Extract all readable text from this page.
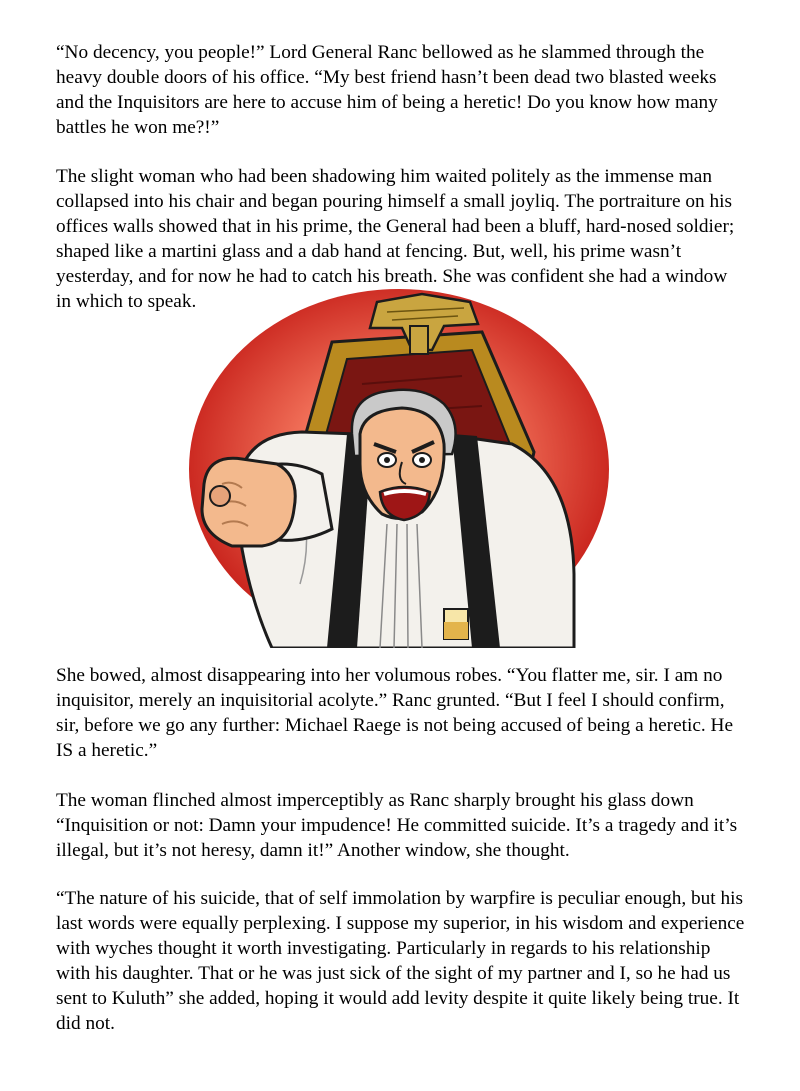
“No decency, you people!” Lord General Ranc bellowed as he slammed through the
heavy double doors of his office. “My best friend hasn’t been dead two blasted weeks
and the Inquisitors are here to accuse him of being a heretic! Do you know how many
battles he won me?!”

The slight woman who had been shadowing him waited politely as the immense man
collapsed into his chair and began pouring himself a small joyliq. The portraiture on his
offices walls showed that in his prime, the General had been a bluff, hard-nosed soldier;
shaped like a martini glass and a dab hand at fencing. But, well, his prime wasn’t
yesterday, and for now he had to catch his breath. She was confident she had a window
in which to speak.

She bowed, almost disappearing into her volumous robes. “You flatter me, sir. I am no
inquisitor, merely an inquisitorial acolyte.” Ranc grunted. “But I feel I should confirm,
sir, before we go any further: Michael Raege is not being accused of being a heretic. He
IS a heretic.”

The woman flinched almost imperceptibly as Ranc sharply brought his glass down
“Inquisition or not: Damn your impudence! He committed suicide. It’s a tragedy and it’s
illegal, but it’s not heresy, damn it!” Another window, she thought.

“The nature of his suicide, that of self immolation by warpfire is peculiar enough, but his
last words were equally perplexing. I suppose my superior, in his wisdom and experience
with wyches thought it worth investigating. Particularly in regards to his relationship
with his daughter. That or he was just sick of the sight of my partner and I, so he had us
sent to Kuluth” she added, hoping it would add levity despite it quite likely being true. It
did not.
